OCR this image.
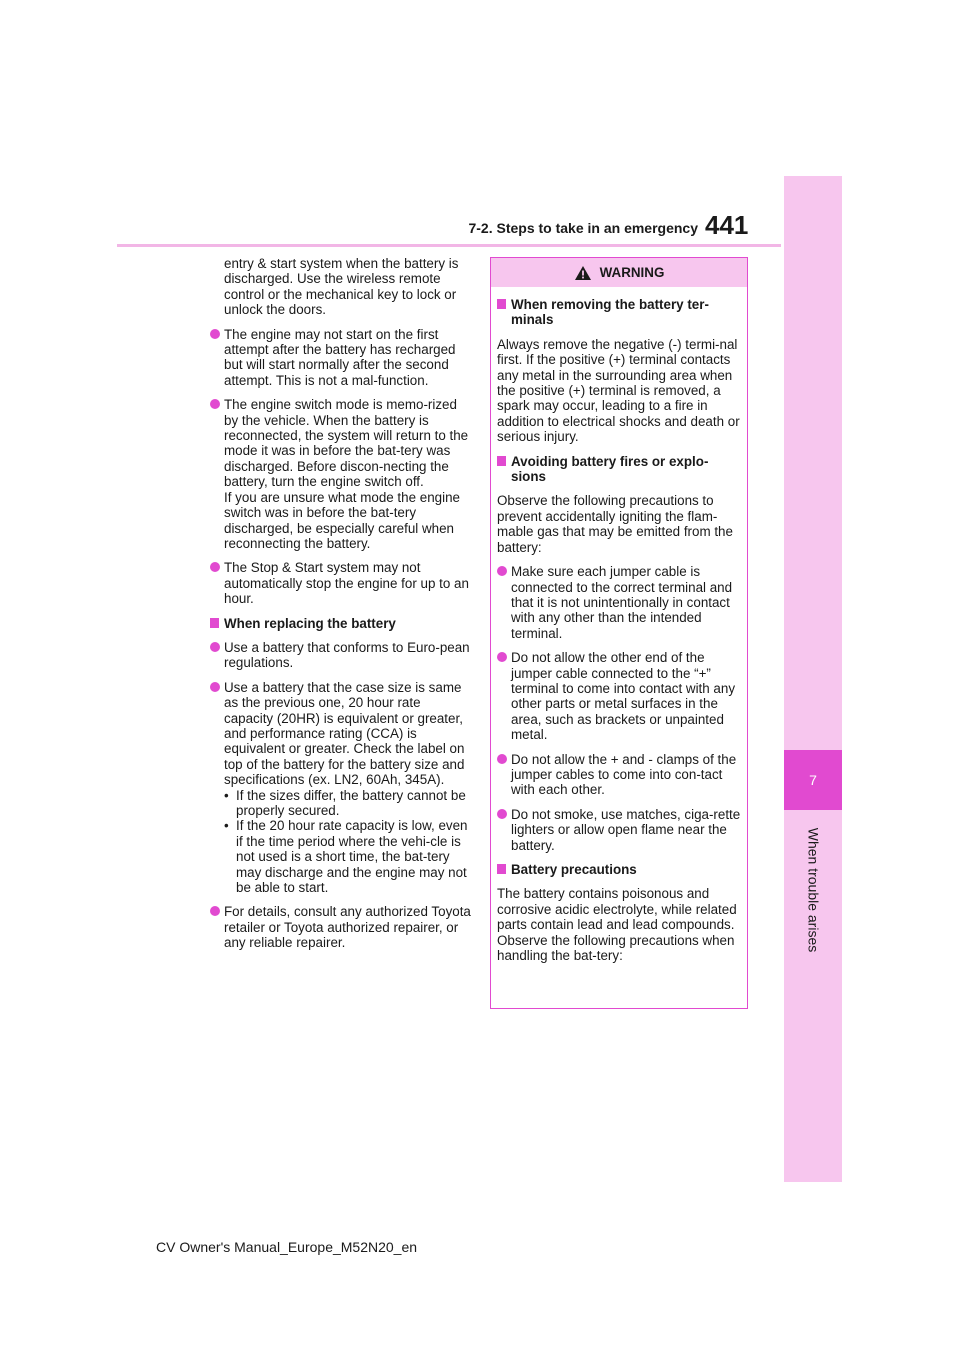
7-2. Steps to take in an emergency 441
7
When trouble arises

entry & start system when the battery is discharged. Use the wireless remote control or the mechanical key to lock or unlock the doors.

The engine may not start on the first attempt after the battery has recharged but will start normally after the second attempt. This is not a mal-function.

The engine switch mode is memo-rized by the vehicle. When the battery is reconnected, the system will return to the mode it was in before the bat-tery was discharged. Before discon-necting the battery, turn the engine switch off.

If you are unsure what mode the engine switch was in before the bat-tery discharged, be especially careful when reconnecting the battery.

The Stop & Start system may not automatically stop the engine for up to an hour.

When replacing the battery

Use a battery that conforms to Euro-pean regulations.

Use a battery that the case size is same as the previous one, 20 hour rate capacity (20HR) is equivalent or greater, and performance rating (CCA) is equivalent or greater. Check the label on top of the battery for the battery size and specifications (ex. LN2, 60Ah, 345A).

• If the sizes differ, the battery cannot be properly secured.
• If the 20 hour rate capacity is low, even if the time period where the vehi-cle is not used is a short time, the bat-tery may discharge and the engine may not be able to start.

For details, consult any authorized Toyota retailer or Toyota authorized repairer, or any reliable repairer.

WARNING
When removing the battery ter-minals

Always remove the negative (-) termi-nal first. If the positive (+) terminal contacts any metal in the surrounding area when the positive (+) terminal is removed, a spark may occur, leading to a fire in addition to electrical shocks and death or serious injury.

Avoiding battery fires or explo-sions

Observe the following precautions to prevent accidentally igniting the flam-mable gas that may be emitted from the battery:

Make sure each jumper cable is connected to the correct terminal and that it is not unintentionally in contact with any other than the intended terminal.
Do not allow the other end of the jumper cable connected to the “+” terminal to come into contact with any other parts or metal surfaces in the area, such as brackets or unpainted metal.
Do not allow the + and - clamps of the jumper cables to come into con-tact with each other.
Do not smoke, use matches, ciga-rette lighters or allow open flame near the battery.
Battery precautions

The battery contains poisonous and corrosive acidic electrolyte, while related parts contain lead and lead compounds. Observe the following precautions when handling the bat-tery:

CV Owner's Manual_Europe_M52N20_en
